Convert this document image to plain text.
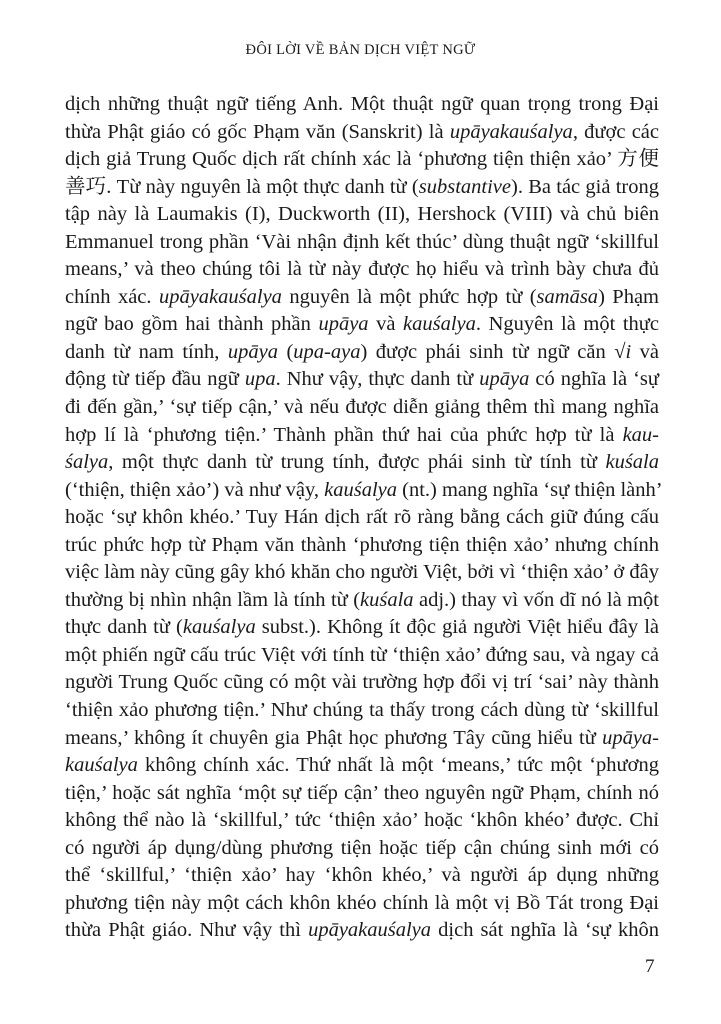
ĐÔI LỜI VỀ BẢN DỊCH VIỆT NGỮ
dịch những thuật ngữ tiếng Anh. Một thuật ngữ quan trọng trong Đại
thừa Phật giáo có gốc Phạm văn (Sanskrit) là upāyakauśalya, được các
dịch giả Trung Quốc dịch rất chính xác là ‘phương tiện thiện xảo’ 方便
善巧. Từ này nguyên là một thực danh từ (substantive). Ba tác giả trong
tập này là Laumakis (I), Duckworth (II), Hershock (VIII) và chủ biên
Emmanuel trong phần ‘Vài nhận định kết thúc’ dùng thuật ngữ ‘skillful
means,’ và theo chúng tôi là từ này được họ hiểu và trình bày chưa đủ
chính xác. upāyakauśalya nguyên là một phức hợp từ (samāsa) Phạm
ngữ bao gồm hai thành phần upāya và kauśalya. Nguyên là một thực
danh từ nam tính, upāya (upa-aya) được phái sinh từ ngữ căn √i và
động từ tiếp đầu ngữ upa. Như vậy, thực danh từ upāya có nghĩa là ‘sự
đi đến gần,’ ‘sự tiếp cận,’ và nếu được diễn giảng thêm thì mang nghĩa
hợp lí là ‘phương tiện.’ Thành phần thứ hai của phức hợp từ là kau-
śalya, một thực danh từ trung tính, được phái sinh từ tính từ kuśala
(‘thiện, thiện xảo’) và như vậy, kauśalya (nt.) mang nghĩa ‘sự thiện lành’
hoặc ‘sự khôn khéo.’ Tuy Hán dịch rất rõ ràng bằng cách giữ đúng cấu
trúc phức hợp từ Phạm văn thành ‘phương tiện thiện xảo’ nhưng chính
việc làm này cũng gây khó khăn cho người Việt, bởi vì ‘thiện xảo’ ở đây
thường bị nhìn nhận lầm là tính từ (kuśala adj.) thay vì vốn dĩ nó là một
thực danh từ (kauśalya subst.). Không ít độc giả người Việt hiểu đây là
một phiến ngữ cấu trúc Việt với tính từ ‘thiện xảo’ đứng sau, và ngay cả
người Trung Quốc cũng có một vài trường hợp đổi vị trí ‘sai’ này thành
‘thiện xảo phương tiện.’ Như chúng ta thấy trong cách dùng từ ‘skillful
means,’ không ít chuyên gia Phật học phương Tây cũng hiểu từ upāya-
kauśalya không chính xác. Thứ nhất là một ‘means,’ tức một ‘phương
tiện,’ hoặc sát nghĩa ‘một sự tiếp cận’ theo nguyên ngữ Phạm, chính nó
không thể nào là ‘skillful,’ tức ‘thiện xảo’ hoặc ‘khôn khéo’ được. Chỉ
có người áp dụng/dùng phương tiện hoặc tiếp cận chúng sinh mới có
thể ‘skillful,’ ‘thiện xảo’ hay ‘khôn khéo,’ và người áp dụng những
phương tiện này một cách khôn khéo chính là một vị Bồ Tát trong Đại
thừa Phật giáo. Như vậy thì upāyakauśalya dịch sát nghĩa là ‘sự khôn
7
